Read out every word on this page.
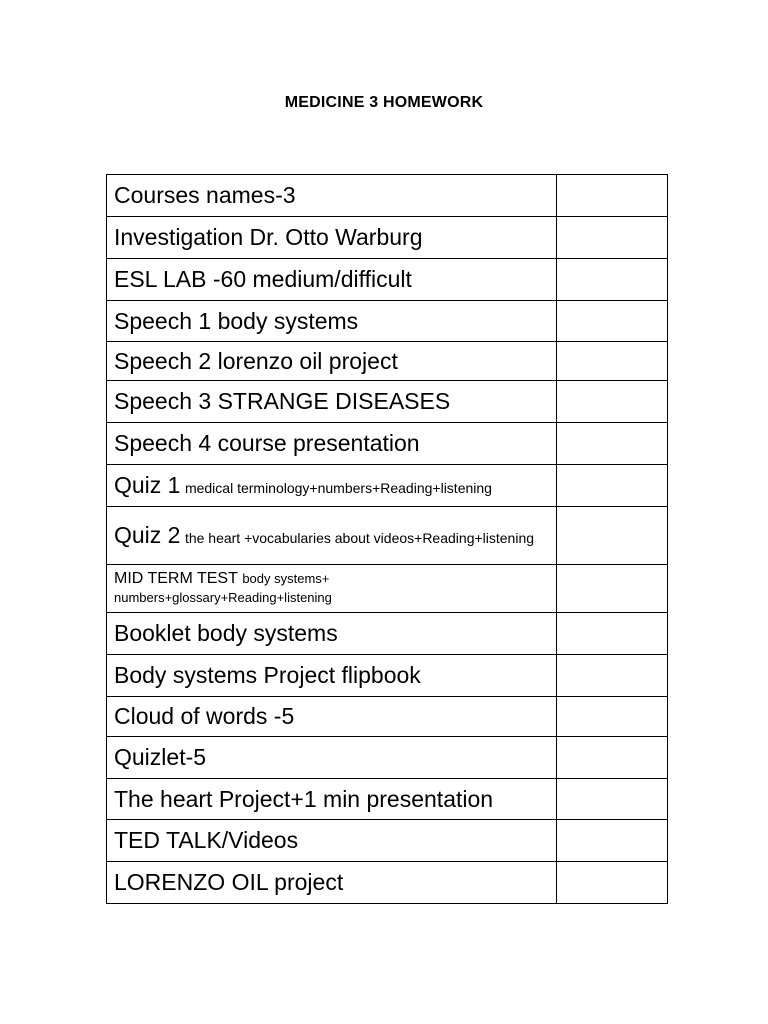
MEDICINE 3 HOMEWORK
Courses names-3	
Investigation Dr. Otto Warburg	
ESL LAB -60 medium/difficult	
Speech 1 body systems	
Speech 2 lorenzo oil project	
Speech 3 STRANGE DISEASES	
Speech 4 course presentation	
Quiz 1 medical terminology+numbers+Reading+listening	
Quiz 2 the heart +vocabularies about videos+Reading+listening	
MID TERM TEST body systems+ numbers+glossary+Reading+listening	
Booklet body systems	
Body systems Project flipbook	
Cloud of words -5	
Quizlet-5	
The heart Project+1 min presentation	
TED TALK/Videos	
LORENZO OIL project	
